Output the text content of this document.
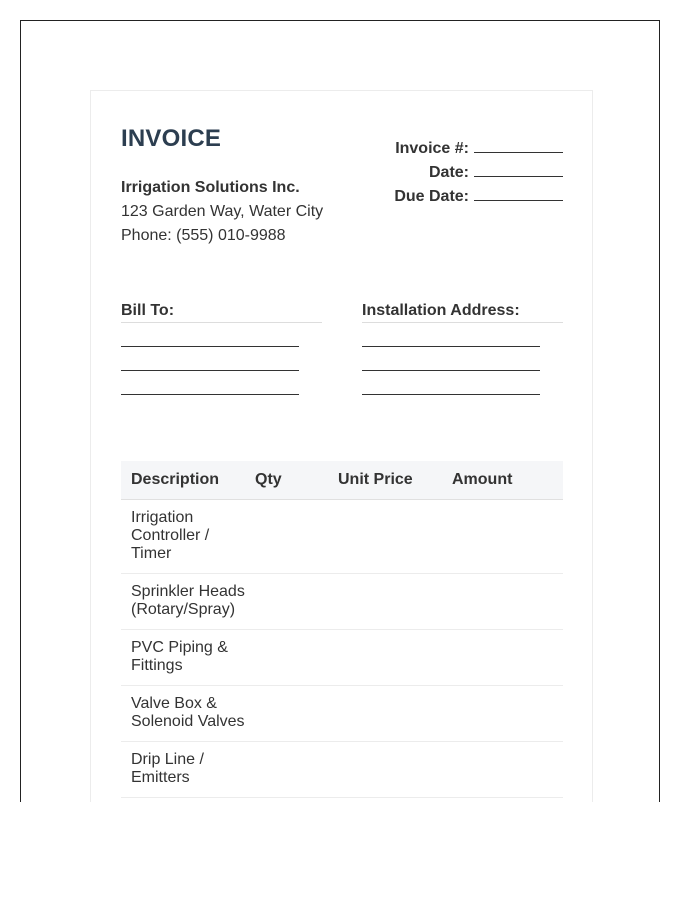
INVOICE
Irrigation Solutions Inc.
123 Garden Way, Water City
Phone: (555) 010-9988
Invoice #:
Date:
Due Date:
Bill To:	Installation Address:
Description	Qty	Unit Price	Amount
Irrigation Controller / Timer			
Sprinkler Heads (Rotary/Spray)			
PVC Piping & Fittings			
Valve Box & Solenoid Valves			
Drip Line / Emitters			
